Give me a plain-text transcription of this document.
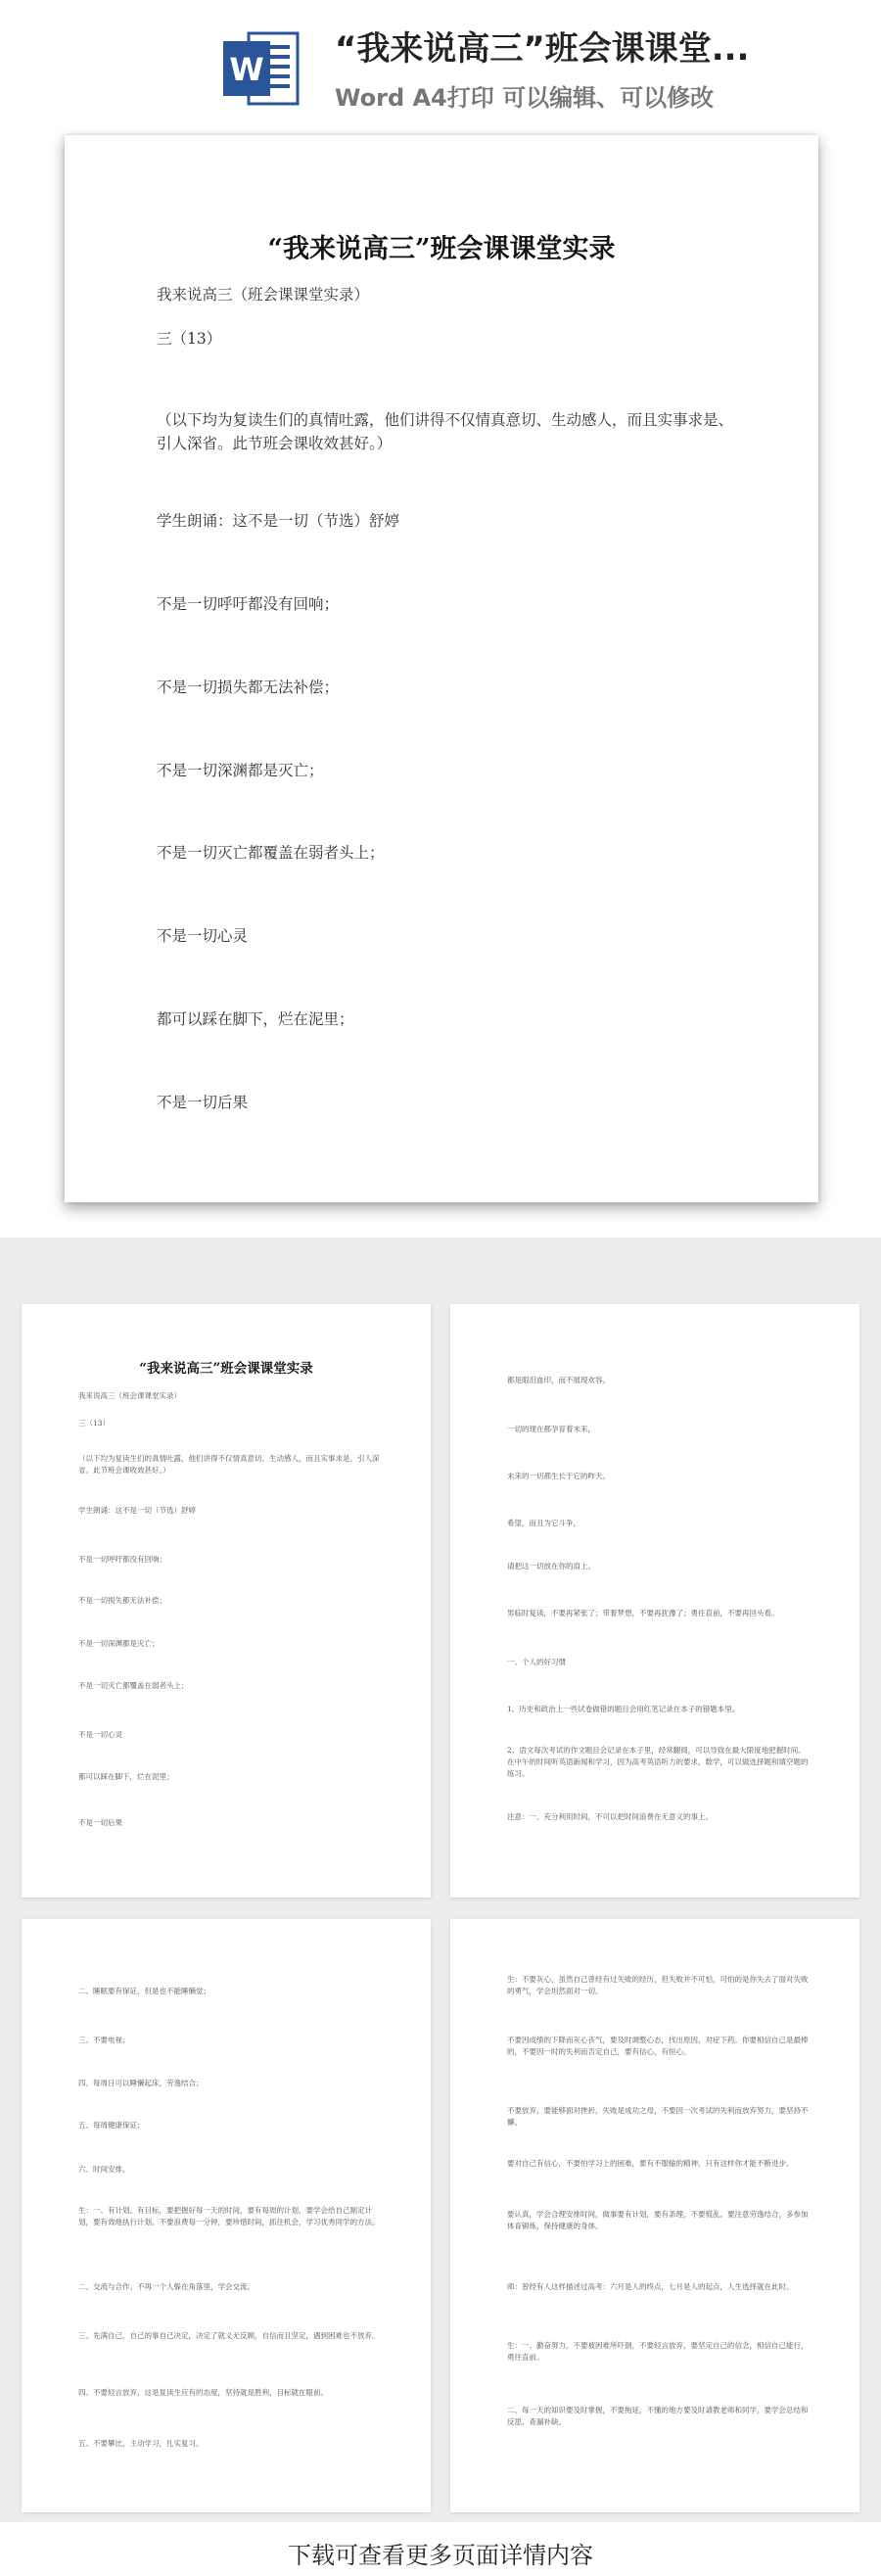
W
“我来说高三”班会课课堂...
Word A4打印 可以编辑、可以修改
“我来说高三”班会课课堂实录
我来说高三（班会课课堂实录）
三（13）
（以下均为复读生们的真情吐露，他们讲得不仅情真意切、生动感人，而且实事求是、
引人深省。此节班会课收效甚好。）
学生朗诵：这不是一切（节选）舒婷
不是一切呼吁都没有回响；
不是一切损失都无法补偿；
不是一切深渊都是灭亡；
不是一切灭亡都覆盖在弱者头上；
不是一切心灵
都可以踩在脚下，烂在泥里；
不是一切后果
“我来说高三”班会课课堂实录
我来说高三（班会课课堂实录）
三（13）
（以下均为复读生们的真情吐露，他们讲得不仅情真意切、生动感人，而且实事求是、引人深省。此节班会课收效甚好。）
学生朗诵：这不是一切（节选）舒婷
不是一切呼吁都没有回响；
不是一切损失都无法补偿；
不是一切深渊都是灭亡；
不是一切灭亡都覆盖在弱者头上；
不是一切心灵
都可以踩在脚下，烂在泥里；
不是一切后果
都是眼泪血印，而不展现欢容。
一切的现在都孕育着未来，
未来的一切都生长于它的昨天。
希望，而且为它斗争，
请把这一切放在你的肩上。
男临时复读，不要再紧张了；带着梦想，不要再犹豫了；勇往直前，不要再回头看。
一、个人的好习惯
1、历史和政治上一些试卷做错的题目会用红笔记录在本子的错题本里。
2、语文每次考试的作文题目会记录在本子里，经常翻阅，可以导致在最大限度地把握时间。在中午的时间听英语新闻和学习，因为高考英语听力的要求，数学，可以做选择题和填空题的练习。
注意：一、充分利用时间，不可以把时间浪费在无意义的事上。
二、睡眠要有保证，但是也不能睡懒觉；
三、不要电视；
四、每周日可以睡懒起床，劳逸结合；
五、每周健康保证；
六、时间安排。
生：一、有计划、有目标，要把握好每一天的时间，要有每周的计划，要学会给自己制定计划，要有效地执行计划。不要浪费每一分钟，要珍惜时间，抓住机会，学习优秀同学的方法。
二、交流与合作。不再一个人躲在角落里，学会交流。
三、先满自己，自己的事自己决定，决定了就义无反顾，自信而且坚定，遇到困难也不放弃。
四、不要轻言放弃，这是复读生应有的态度，坚持就是胜利，目标就在眼前。
五、不要攀比，主动学习，扎实复习。
生：不要灰心，虽然自己曾经有过失败的经历，但失败并不可怕，可怕的是你失去了面对失败的勇气，学会坦然面对一切。
不要因成绩的下降而灰心丧气，要及时调整心态，找出原因，对症下药。你要相信自己是最棒的，不要因一时的失利而否定自己，要有信心，有恒心。
不要放弃，要能够面对挫折，失败是成功之母，不要因一次考试的失利而放弃努力，要坚持不懈。
要对自己有信心，不要怕学习上的困难，要有不服输的精神，只有这样你才能不断进步。
要认真，学会合理安排时间，做事要有计划，要有条理，不要慌乱。要注意劳逸结合，多参加体育锻炼，保持健康的身体。
师：曾经有人这样描述过高考：六月是人的终点，七月是人的起点，人生选择就在此时。
生：一、勤奋努力，不要被困难所吓倒，不要轻言放弃，要坚定自己的信念，相信自己能行，勇往直前。
二、每一天的知识要及时掌握，不要拖延，不懂的地方要及时请教老师和同学，要学会总结和反思，查漏补缺。
下载可查看更多页面详情内容
